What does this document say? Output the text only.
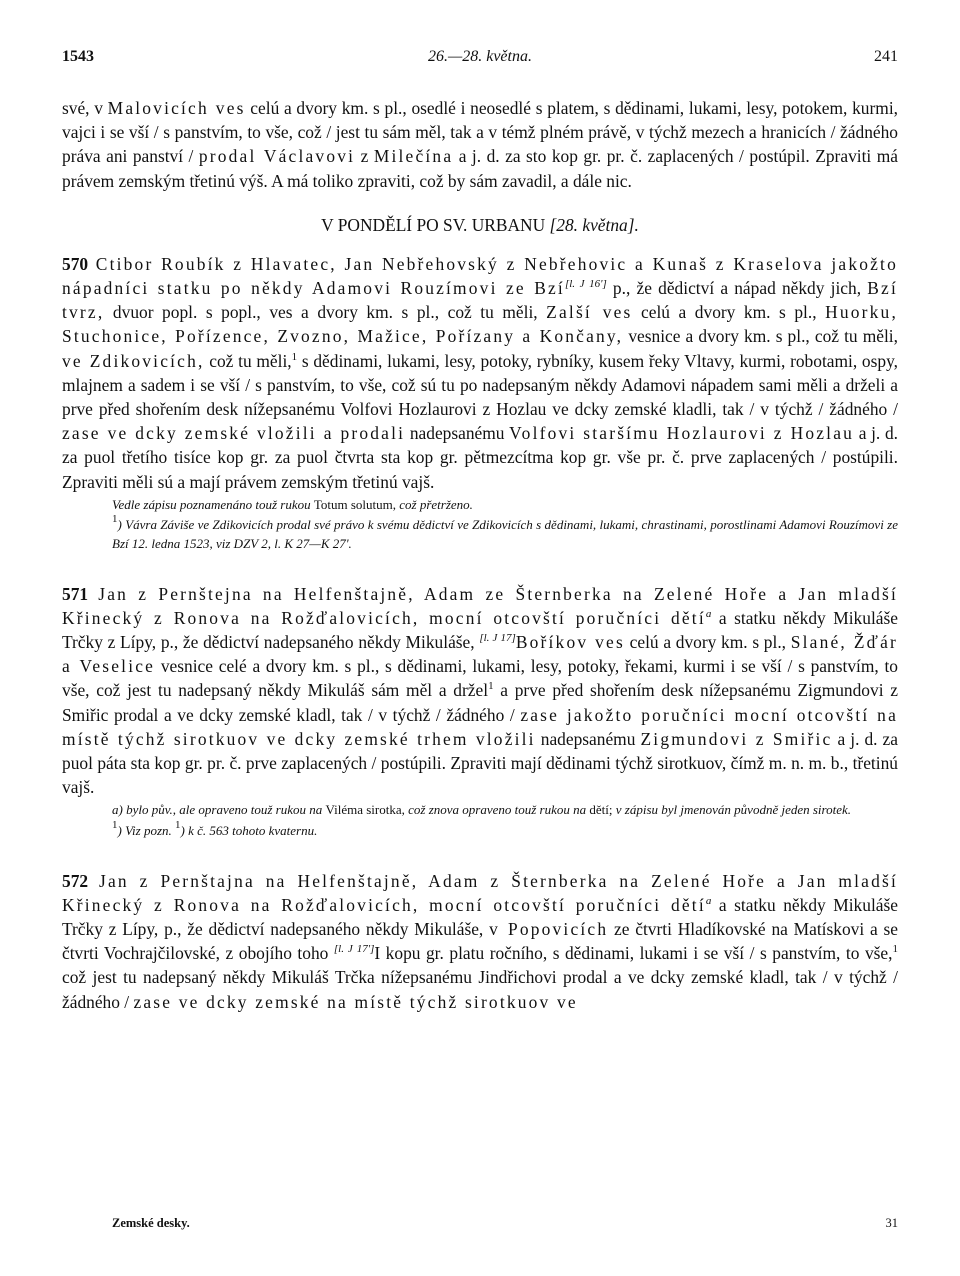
1543	26.—28. května.	241

své, v Malovicích ves celú a dvory km. s pl., osedlé i neosedlé s platem, s dědinami, lukami, lesy, potokem, kurmi, vajci i se vší / s panstvím, to vše, což / jest tu sám měl, tak a v témž plném právě, v týchž mezech a hranicích / žádného práva ani panství / prodal Václavovi z Milečína a j. d. za sto kop gr. pr. č. zaplacených / postúpil. Zpraviti má právem zemským třetinú výš. A má toliko zpraviti, což by sám zavadil, a dále nic.

V PONDĚLÍ PO SV. URBANU [28. května].

570 Ctibor Roubík z Hlavatec, Jan Nebřehovský z Nebřehovic a Kunaš z Kraselova jakožto nápadníci statku po někdy Adamovi Rouzímovi ze Bzí[l. J 16'] p., že dědictví a nápad někdy jich, Bzí tvrz, dvuor popl. s popl., ves a dvory km. s pl., což tu měli, Zalší ves celú a dvory km. s pl., Huorku, Stuchonice, Pořízence, Zvozno, Mažice, Pořízany a Končany, vesnice a dvory km. s pl., což tu měli, ve Zdikovicích, což tu měli,$^1$ s dědinami, lukami, lesy, potoky, rybníky, kusem řeky Vltavy, kurmi, robotami, ospy, mlajnem a sadem i se vší / s panstvím, to vše, což sú tu po nadepsaným někdy Adamovi nápadem sami měli a drželi a prve před shořením desk nížepsanému Volfovi Hozlaurovi z Hozlau ve dcky zemské kladli, tak / v týchž / žádného / zase ve dcky zemské vložili a prodali nadepsanému Volfovi staršímu Hozlaurovi z Hozlau a j. d. za puol třetího tisíce kop gr. za puol čtvrta sta kop gr. pětmezcítma kop gr. vše pr. č. prve zaplacených / postúpili. Zpraviti měli sú a mají právem zemským třetinú vajš.

Vedle zápisu poznamenáno touž rukou Totum solutum, což přetrženo.

$^1$) Vávra Záviše ve Zdikovicích prodal své právo k svému dědictví ve Zdikovicích s dědinami, lukami, chrastinami, porostlinami Adamovi Rouzímovi ze Bzí 12. ledna 1523, viz DZV 2, l. K 27—K 27'.

571 Jan z Pernštejna na Helfenštajně, Adam ze Šternberka na Zelené Hoře a Jan mladší Křinecký z Ronova na Rožďalovicích, mocní otcovští poručníci dětí$^a$ a statku někdy Mikuláše Trčky z Lípy, p., že dědictví nadepsaného někdy Mikuláše, [l. J 17]Boříkov ves celú a dvory km. s pl., Slané, Žďár a Veselice vesnice celé a dvory km. s pl., s dědinami, lukami, lesy, potoky, řekami, kurmi i se vší / s panstvím, to vše, což jest tu nadepsaný někdy Mikuláš sám měl a držel$^1$ a prve před shořením desk nížepsanému Zigmundovi z Smiřic prodal a ve dcky zemské kladl, tak / v týchž / žádného / zase jakožto poručníci mocní otcovští na místě týchž sirotkuov ve dcky zemské trhem vložili nadepsanému Zigmundovi z Smiřic a j. d. za puol páta sta kop gr. pr. č. prve zaplacených / postúpili. Zpraviti mají dědinami týchž sirotkuov, čímž m. n. m. b., třetinú vajš.

a) bylo pův., ale opraveno touž rukou na Viléma sirotka, což znova opraveno touž rukou na dětí; v zápisu byl jmenován původně jeden sirotek.

$^1$) Viz pozn. $^1$) k č. 563 tohoto kvaternu.

572 Jan z Pernštajna na Helfenštajně, Adam z Šternberka na Zelené Hoře a Jan mladší Křinecký z Ronova na Rožďalovicích, mocní otcovští poručníci dětí$^a$ a statku někdy Mikuláše Trčky z Lípy, p., že dědictví nadepsaného někdy Mikuláše, v Popovicích ze čtvrti Hladíkovské na Matískovi a se čtvrti Vochrajčilovské, z obojího toho [l. J 17']I kopu gr. platu ročního, s dědinami, lukami i se vší / s panstvím, to vše,$^1$ což jest tu nadepsaný někdy Mikuláš Trčka nížepsanému Jindřichovi prodal a ve dcky zemské kladl, tak / v týchž / žádného / zase ve dcky zemské na místě týchž sirotkuov ve

Zemské desky.	31
